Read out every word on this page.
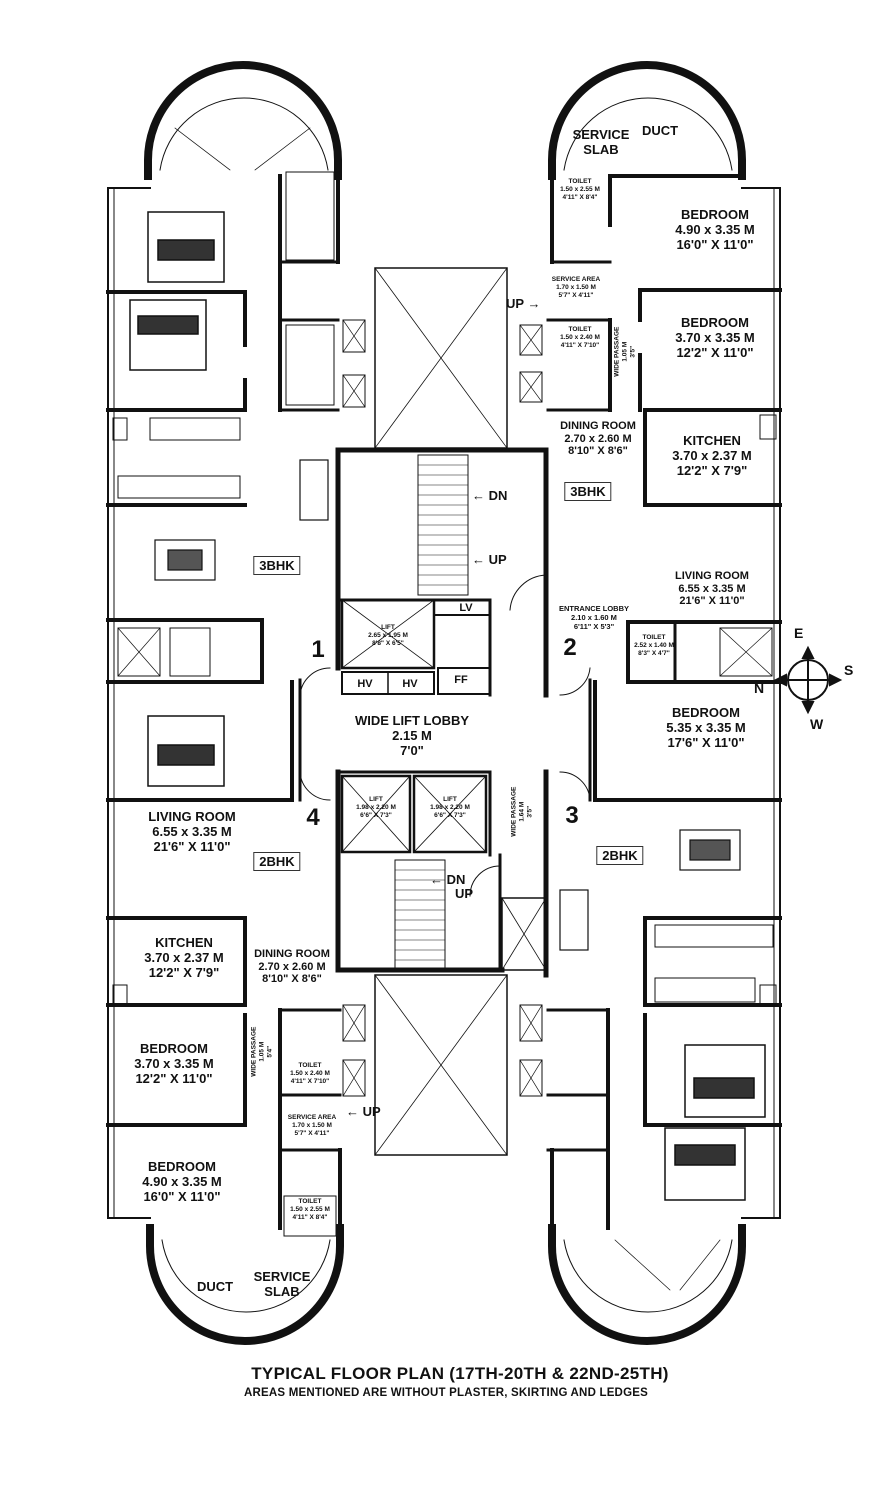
SERVICE
SLAB
DUCT
TOILET
1.50 x 2.55 M
4'11" X 8'4"
BEDROOM
4.90 x 3.35 M
16'0" X 11'0"
SERVICE AREA
1.70 x 1.50 M
5'7" X 4'11"
UP →
TOILET
1.50 x 2.40 M
4'11" X 7'10" WIDE PASSAGE 1.05 M 3'5"
BEDROOM
3.70 x 3.35 M
12'2" X 11'0"
DINING ROOM
2.70 x 2.60 M
8'10" X 8'6"
KITCHEN
3.70 x 2.37 M
12'2" X 7'9"
3BHK
LIVING ROOM
6.55 x 3.35 M
21'6" X 11'0"
ENTRANCE LOBBY
2.10 x 1.60 M
6'11" X 5'3"
TOILET
2.52 x 1.40 M
8'3" X 4'7"
BEDROOM
5.35 x 3.35 M
17'6" X 11'0"
← DN
← UP
LIFT
2.65 x 1.95 M
8'8" X 6'5"
LV
HV	HV	FF
WIDE LIFT LOBBY
2.15 M
7'0"
LIFT
1.98 x 2.20 M
6'6" X 7'3"
LIFT
1.98 x 2.20 M
6'6" X 7'3"	WIDE PASSAGE 1.64 M 3'5"
← DN
UP
1	2
3
4
3BHK
LIVING ROOM
6.55 x 3.35 M
21'6" X 11'0"
2BHK	2BHK
KITCHEN
3.70 x 2.37 M
12'2" X 7'9"
DINING ROOM
2.70 x 2.60 M
8'10" X 8'6"
BEDROOM
3.70 x 3.35 M
12'2" X 11'0"
WIDE PASSAGE 1.05 M 5'4"
TOILET
1.50 x 2.40 M
4'11" X 7'10"
← UP
SERVICE AREA
1.70 x 1.50 M
5'7" X 4'11"
BEDROOM
4.90 x 3.35 M
16'0" X 11'0"	TOILET
1.50 x 2.55 M
4'11" X 8'4"
DUCT
SERVICE
SLAB
TYPICAL FLOOR PLAN (17TH-20TH & 22ND-25TH)
AREAS MENTIONED ARE WITHOUT PLASTER, SKIRTING AND LEDGES
E
S
N
W
